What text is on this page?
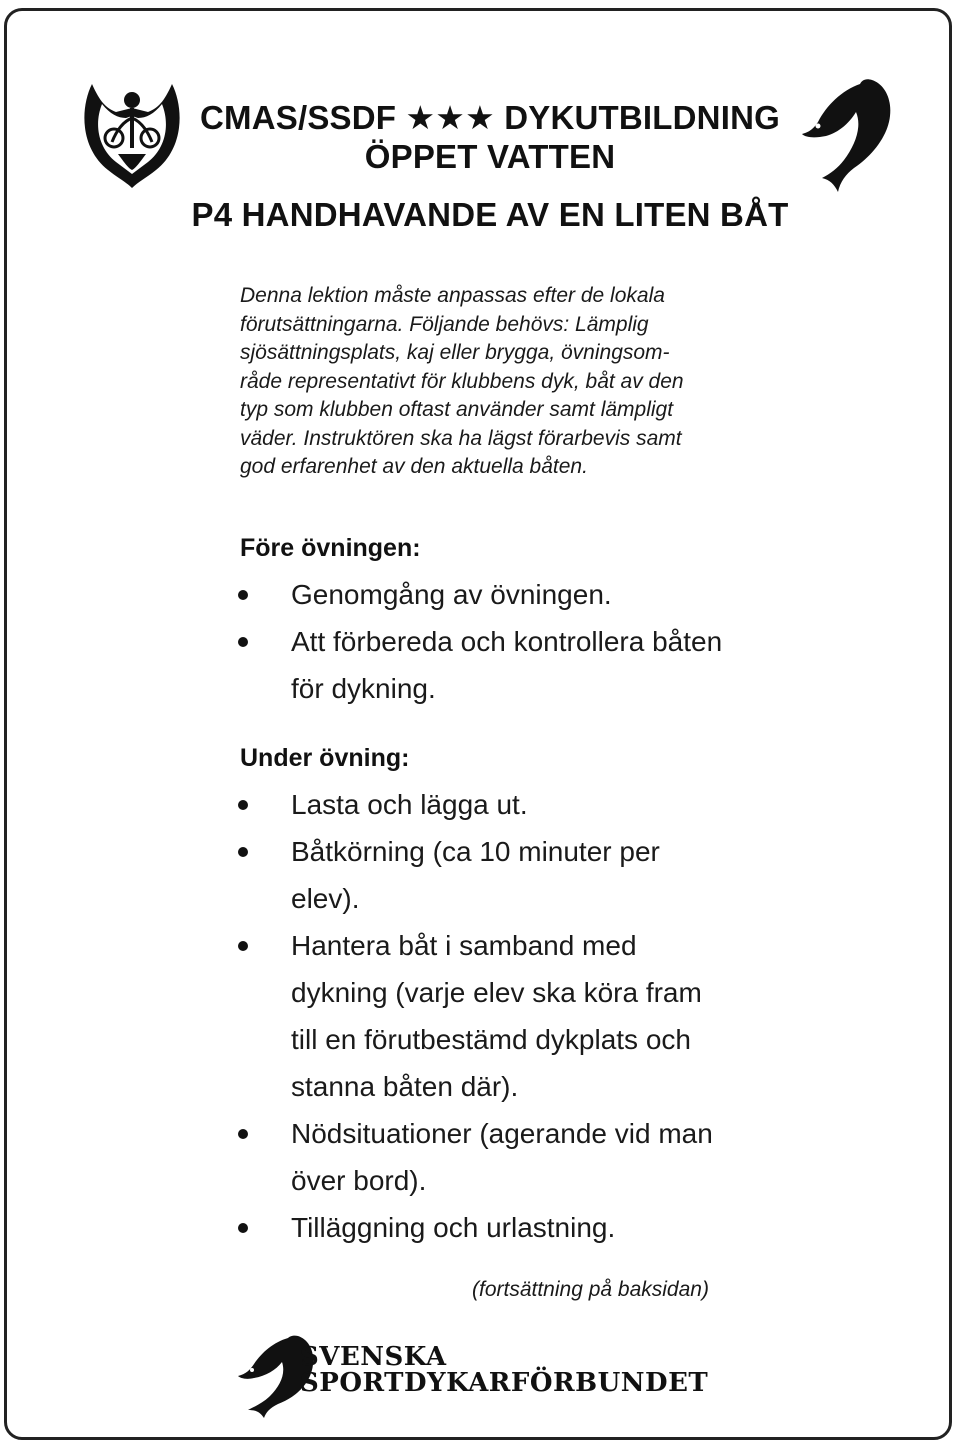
CMAS/SSDF ★★★ DYKUTBILDNING
ÖPPET VATTEN
P4 HANDHAVANDE AV EN LITEN BÅT
Denna lektion måste anpassas efter de lokala
förutsättningarna. Följande behövs: Lämplig
sjösättningsplats, kaj eller brygga, övningsom-
råde representativt för klubbens dyk, båt av den
typ som klubben oftast använder samt lämpligt
väder. Instruktören ska ha lägst förarbevis samt
god erfarenhet av den aktuella båten.
Före övningen:
Genomgång av övningen.
Att förbereda och kontrollera båten
för dykning.
Under övning:
Lasta och lägga ut.
Båtkörning (ca 10 minuter per
elev).
Hantera båt i samband med
dykning (varje elev ska köra fram
till en förutbestämd dykplats och
stanna båten där).
Nödsituationer (agerande vid man
över bord).
Tilläggning och urlastning.
(fortsättning på baksidan)
SVENSKA
SPORTDYKARFÖRBUNDET
